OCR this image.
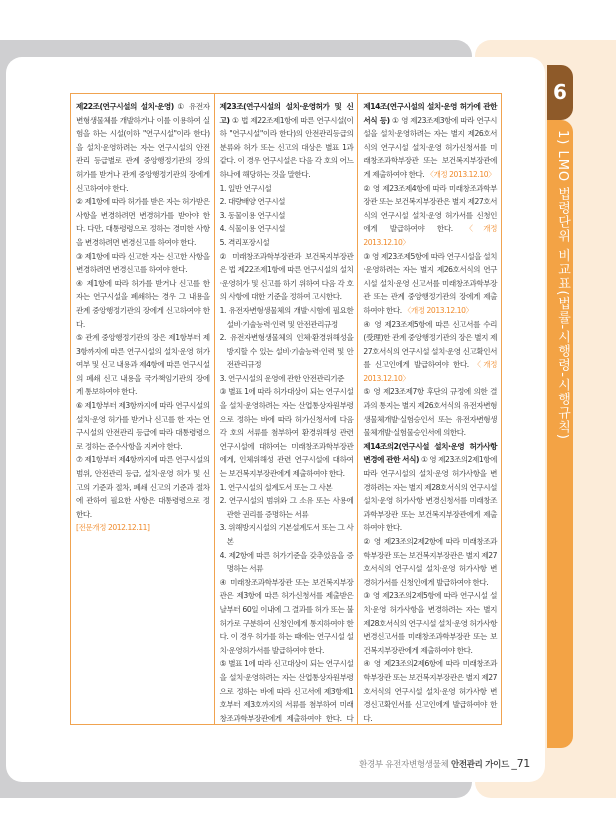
6
1) LMO 법령단위 비교표(법률-시행령-시행규칙)

제22조(연구시설의 설치·운영) ① 유전자변형생물체를 개발하거나 이를 이용하여 실험을 하는 시설(이하 "연구시설"이라 한다)을 설치·운영하려는 자는 연구시설의 안전관리 등급별로 관계 중앙행정기관의 장의 허가를 받거나 관계 중앙행정기관의 장에게 신고하여야 한다.

② 제1항에 따라 허가를 받은 자는 허가받은 사항을 변경하려면 변경허가를 받아야 한다. 다만, 대통령령으로 정하는 경미한 사항을 변경하려면 변경신고를 하여야 한다.

③ 제1항에 따라 신고한 자는 신고한 사항을 변경하려면 변경신고를 하여야 한다.

④ 제1항에 따라 허가를 받거나 신고를 한 자는 연구시설을 폐쇄하는 경우 그 내용을 관계 중앙행정기관의 장에게 신고하여야 한다.

⑤ 관계 중앙행정기관의 장은 제1항부터 제3항까지에 따른 연구시설의 설치·운영 허가 여부 및 신고 내용과 제4항에 따른 연구시설의 폐쇄 신고 내용을 국가책임기관의 장에게 통보하여야 한다.

⑥ 제1항부터 제3항까지에 따라 연구시설의 설치·운영 허가를 받거나 신고를 한 자는 연구시설의 안전관리 등급에 따라 대통령령으로 정하는 준수사항을 지켜야 한다.

⑦ 제1항부터 제4항까지에 따른 연구시설의 범위, 안전관리 등급, 설치·운영 허가 및 신고의 기준과 절차, 폐쇄 신고의 기준과 절차에 관하여 필요한 사항은 대통령령으로 정한다.

[전문개정 2012.12.11]

제23조(연구시설의 설치·운영허가 및 신고) ① 법 제22조제1항에 따른 연구시설(이하 "연구시설"이라 한다)의 안전관리등급의 분류와 허가 또는 신고의 대상은 별표 1과 같다. 이 경우 연구시설은 다음 각 호의 어느 하나에 해당하는 것을 말한다.

1. 일반 연구시설

2. 대량배양 연구시설

3. 동물이용 연구시설

4. 식물이용 연구시설

5. 격리포장시설

② 미래창조과학부장관과 보건복지부장관은 법 제22조제1항에 따른 연구시설의 설치·운영허가 및 신고를 하기 위하여 다음 각 호의 사항에 대한 기준을 정하여 고시한다.

1. 유전자변형생물체의 개발·시험에 필요한 설비·기술능력·인력 및 안전관리규정

2. 유전자변형생물체의 인체·환경위해성을 방지할 수 있는 설비·기술능력·인력 및 안전관리규정

3. 연구시설의 운영에 관한 안전관리기준

③ 별표 1에 따라 허가대상이 되는 연구시설을 설치·운영하려는 자는 산업통상자원부령으로 정하는 바에 따라 허가신청서에 다음 각 호의 서류를 첨부하여 환경위해성 관련 연구시설에 대하여는 미래창조과학부장관에게, 인체위해성 관련 연구시설에 대하여는 보건복지부장관에게 제출하여야 한다.

1. 연구시설의 설계도서 또는 그 사본

2. 연구시설의 범위와 그 소유 또는 사용에 관한 권리를 증명하는 서류

3. 위해방지시설의 기본설계도서 또는 그 사본

4. 제2항에 따른 허가기준을 갖추었음을 증명하는 서류

④ 미래창조과학부장관 또는 보건복지부장관은 제3항에 따른 허가신청서를 제출받은 날부터 60일 이내에 그 결과를 허가 또는 불허가로 구분하여 신청인에게 통지하여야 한다. 이 경우 허가를 하는 때에는 연구시설 설치·운영허가서를 발급하여야 한다.

⑤ 별표 1에 따라 신고대상이 되는 연구시설을 설치·운영하려는 자는 산업통상자원부령으로 정하는 바에 따라 신고서에 제3항제1호부터 제3호까지의 서류를 첨부하여 미래창조과학부장관에게 제출하여야 한다. 다

제14조(연구시설의 설치·운영 허가에 관한 서식 등) ① 영 제23조제3항에 따라 연구시설을 설치·운영하려는 자는 별지 제26호서식의 연구시설 설치·운영 허가신청서를 미래창조과학부장관 또는 보건복지부장관에게 제출하여야 한다. 〈개정 2013.12.10〉

② 영 제23조제4항에 따라 미래창조과학부장관 또는 보건복지부장관은 별지 제27호서식의 연구시설 설치·운영 허가서를 신청인에게 발급하여야 한다. 〈개정 2013.12.10〉

③ 영 제23조제5항에 따라 연구시설을 설치·운영하려는 자는 별지 제26호서식의 연구시설 설치·운영 신고서를 미래창조과학부장관 또는 관계 중앙행정기관의 장에게 제출하여야 한다. 〈개정 2013.12.10〉

④ 영 제23조제5항에 따른 신고서를 수리(受理)한 관계 중앙행정기관의 장은 별지 제27호서식의 연구시설 설치·운영 신고확인서를 신고인에게 발급하여야 한다. 〈개정 2013.12.10〉

⑤ 영 제23조제7항 후단의 규정에 의한 결과의 통지는 별지 제26호서식의 유전자변형생물체개발·실험승인서 또는 유전자변형생물체개발·실험물승인서에 의한다.

제14조의2(연구시설 설치·운영 허가사항 변경에 관한 서식) ① 영 제23조의2제1항에 따라 연구시설의 설치·운영 허가사항을 변경하려는 자는 별지 제28호서식의 연구시설 설치·운영 허가사항 변경신청서를 미래창조과학부장관 또는 보건복지부장관에게 제출하여야 한다.

② 영 제23조의2제2항에 따라 미래창조과학부장관 또는 보건복지부장관은 별지 제27호서식의 연구시설 설치·운영 허가사항 변경허가서를 신청인에게 발급하여야 한다.

③ 영 제23조의2제5항에 따라 연구시설 설치·운영 허가사항을 변경하려는 자는 별지 제28호서식의 연구시설 설치·운영 허가사항 변경신고서를 미래창조과학부장관 또는 보건복지부장관에게 제출하여야 한다.

④ 영 제23조의2제6항에 따라 미래창조과학부장관 또는 보건복지부장관은 별지 제27호서식의 연구시설 설치·운영 허가사항 변경신고확인서를 신고인에게 발급하여야 한다.

환경부 유전자변형생물체 안전관리 가이드 _71
